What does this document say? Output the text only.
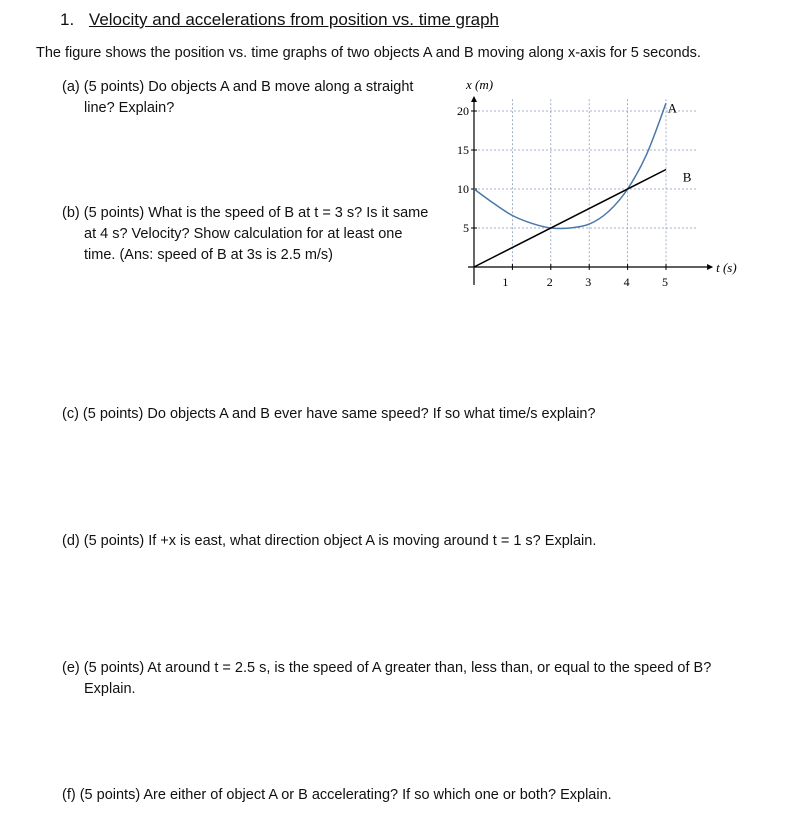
1. Velocity and accelerations from position vs. time graph
The figure shows the position vs. time graphs of two objects A and B moving along x-axis for 5 seconds.
(a) (5 points) Do objects A and B move along a straight
line? Explain?
(b) (5 points) What is the speed of B at t = 3 s? Is it same
at 4 s? Velocity? Show calculation for at least one
time. (Ans: speed of B at 3s is 2.5 m/s)
(c) (5 points) Do objects A and B ever have same speed? If so what time/s explain?
(d) (5 points) If +x is east, what direction object A is moving around t = 1 s? Explain.
(e) (5 points) At around t = 2.5 s, is the speed of A greater than, less than, or equal to the speed of B?
Explain.
(f) (5 points) Are either of object A or B accelerating? If so which one or both? Explain.
1	2	3	4	5
5
10
15
20
x (m)
t (s)
A
B
